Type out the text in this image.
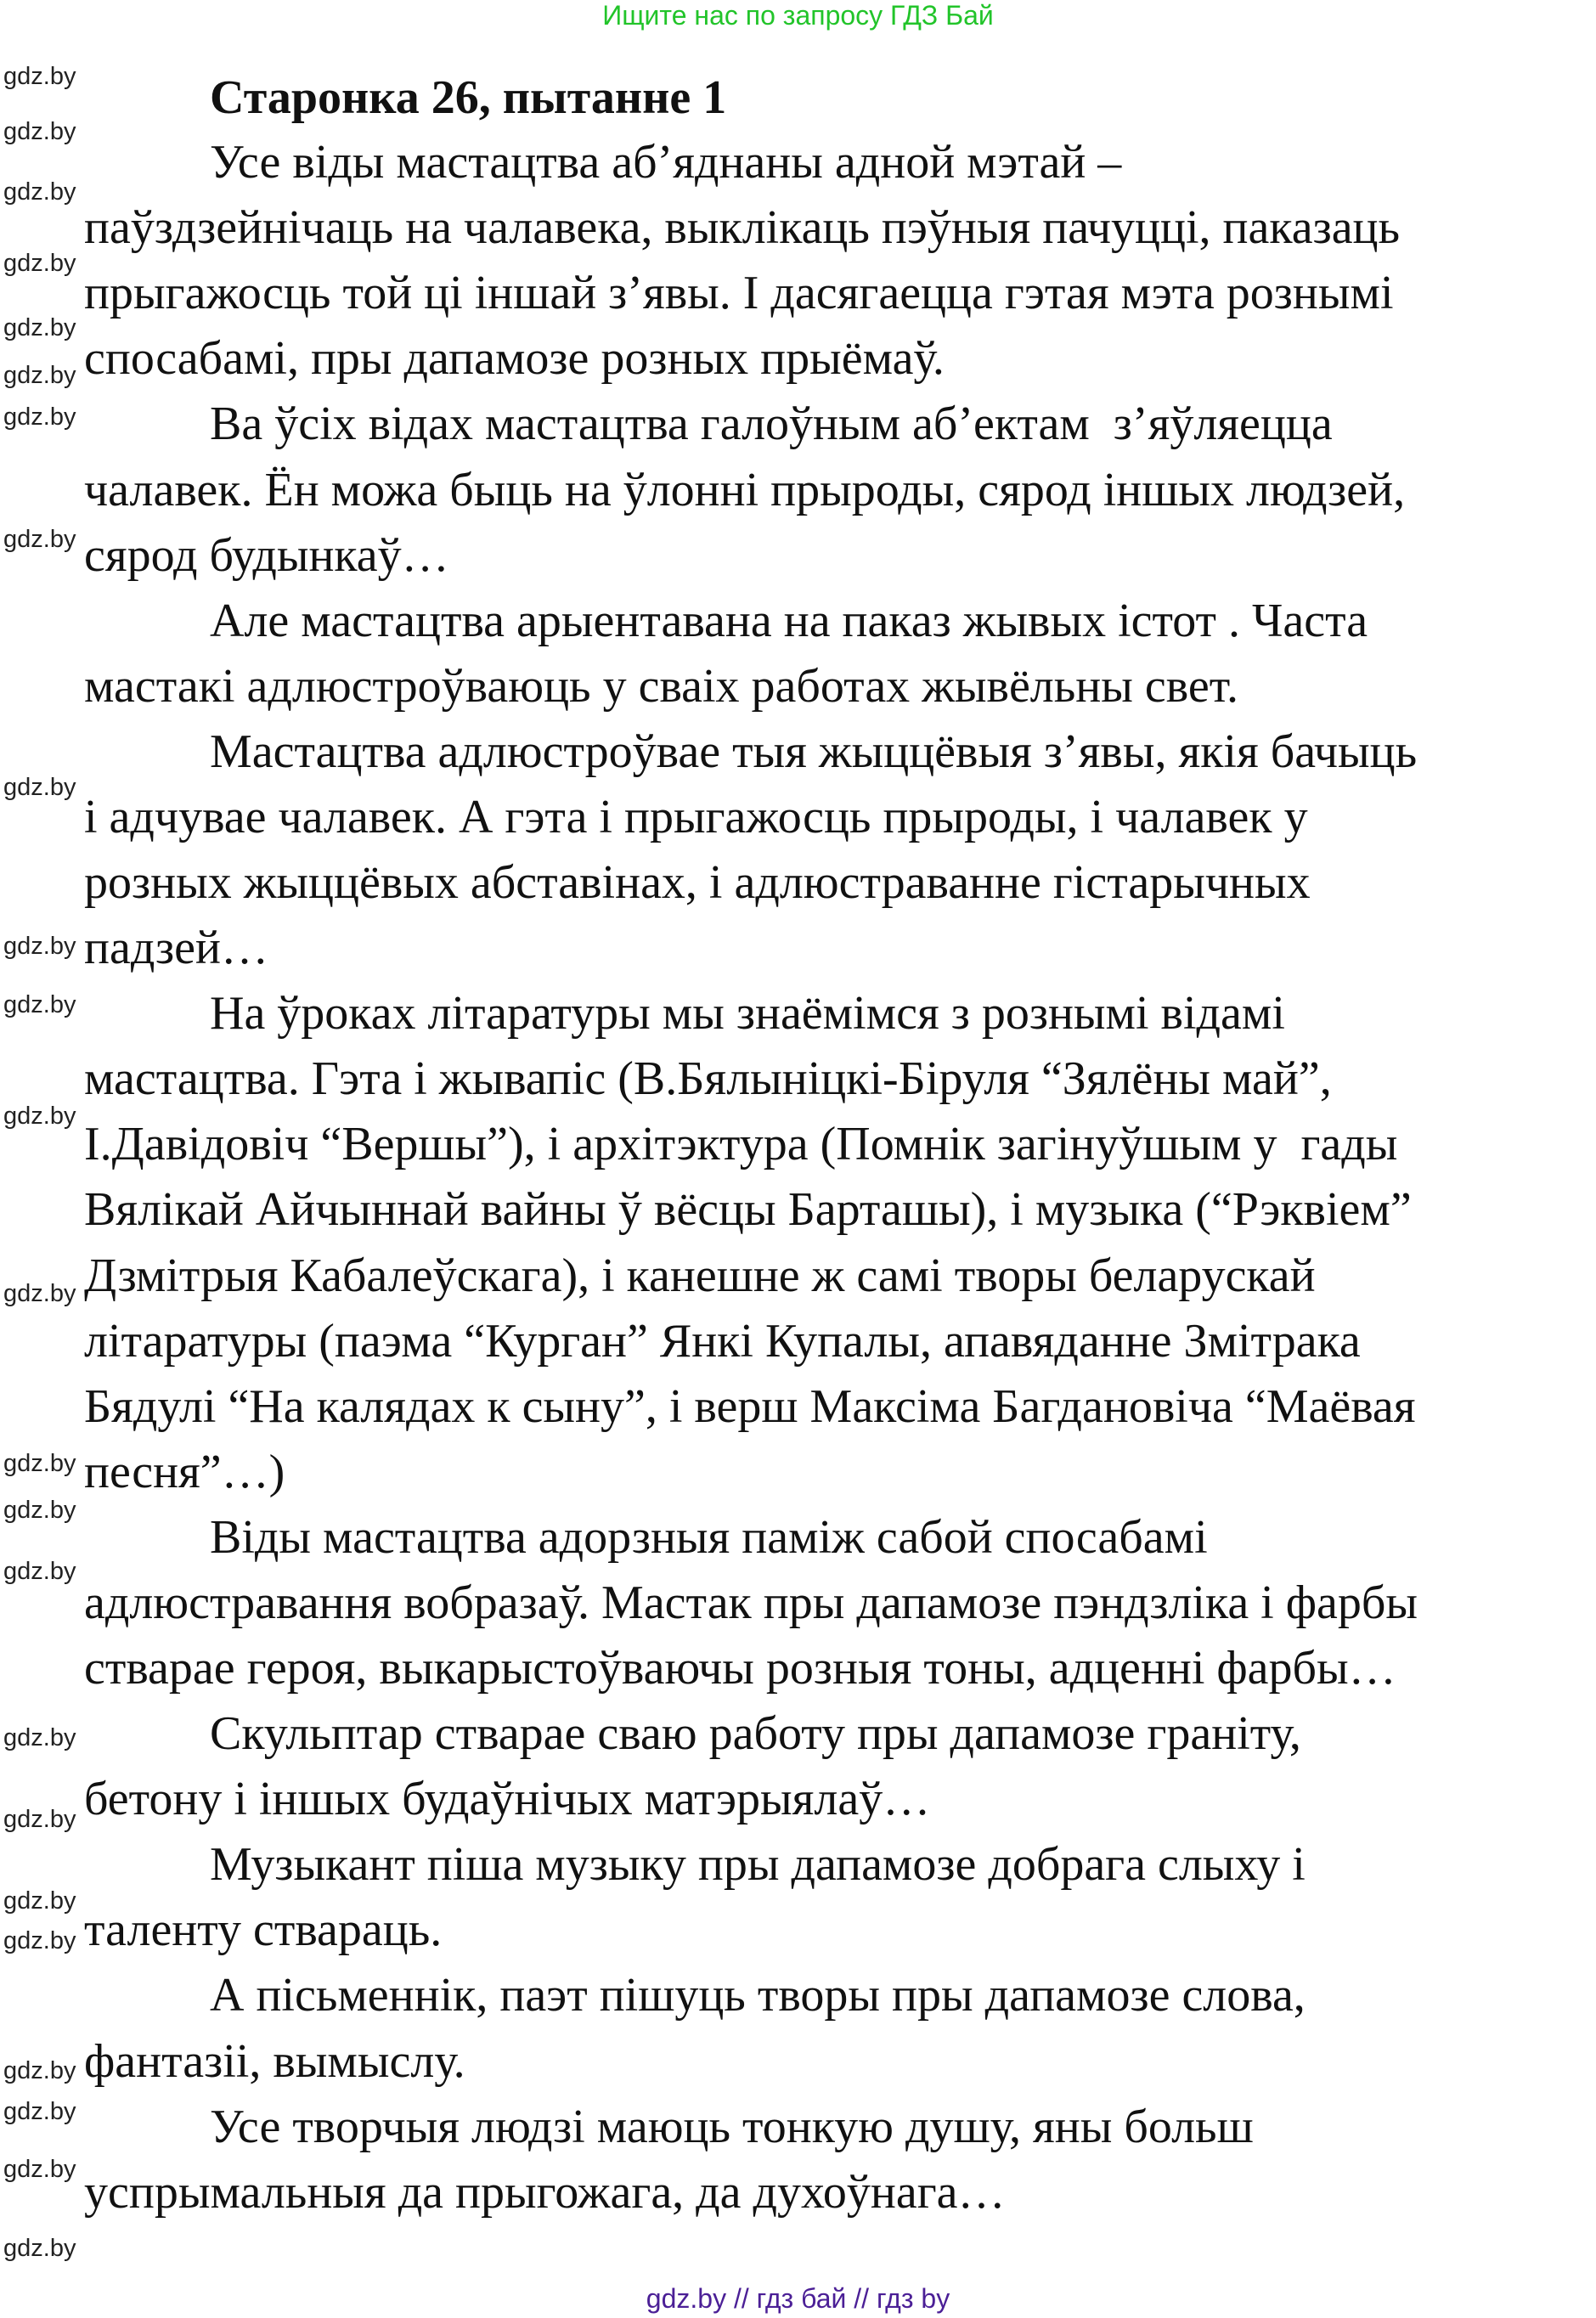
Ищите нас по запросу ГДЗ Бай
Старонка 26, пытанне 1
Усе віды мастацтва аб’яднаны адной мэтай –
паўздзейнічаць на чалавека, выклікаць пэўныя пачуцці, паказаць
прыгажосць той ці іншай з’явы. І дасягаецца гэтая мэта рознымі
спосабамі, пры дапамозе розных прыёмаў.
Ва ўсіх відах мастацтва галоўным аб’ектам  з’яўляецца
чалавек. Ён можа быць на ўлонні прыроды, сярод іншых людзей,
сярод будынкаў…
Але мастацтва арыентавана на паказ жывых істот . Часта
мастакі адлюстроўваюць у сваіх работах жывёльны свет.
Мастацтва адлюстроўвае тыя жыццёвыя з’явы, якія бачыць
і адчувае чалавек. А гэта і прыгажосць прыроды, і чалавек у
розных жыццёвых абставінах, і адлюстраванне гістарычных
падзей…
На ўроках літаратуры мы знаёмімся з рознымі відамі
мастацтва. Гэта і жывапіс (В.Бялыніцкі-Біруля “Зялёны май”,
І.Давідовіч “Вершы”), і архітэктура (Помнік загінуўшым у  гады
Вялікай Айчыннай вайны ў вёсцы Барташы), і музыка (“Рэквіем”
Дзмітрыя Кабалеўскага), і канешне ж самі творы беларускай
літаратуры (паэма “Курган” Янкі Купалы, апавяданне Змітрака
Бядулі “На калядах к сыну”, і верш Максіма Багдановіча “Маёвая
песня”…)
Віды мастацтва адорзныя паміж сабой спосабамі
адлюстравання вобразаў. Мастак пры дапамозе пэндзліка і фарбы
стварае героя, выкарыстоўваючы розныя тоны, адценні фарбы…
Скульптар стварае сваю работу пры дапамозе граніту,
бетону і іншых будаўнічых матэрыялаў…
Музыкант піша музыку пры дапамозе добрага слыху і
таленту ствараць.
А пісьменнік, паэт пішуць творы пры дапамозе слова,
фантазіі, вымыслу.
Усе творчыя людзі маюць тонкую душу, яны больш
успрымальныя да прыгожага, да духоўнага…
gdz.by
gdz.by
gdz.by
gdz.by
gdz.by
gdz.by
gdz.by
gdz.by
gdz.by
gdz.by
gdz.by
gdz.by
gdz.by
gdz.by
gdz.by
gdz.by
gdz.by
gdz.by
gdz.by
gdz.by
gdz.by
gdz.by
gdz.by
gdz.by
gdz.by // гдз бай // гдз by
